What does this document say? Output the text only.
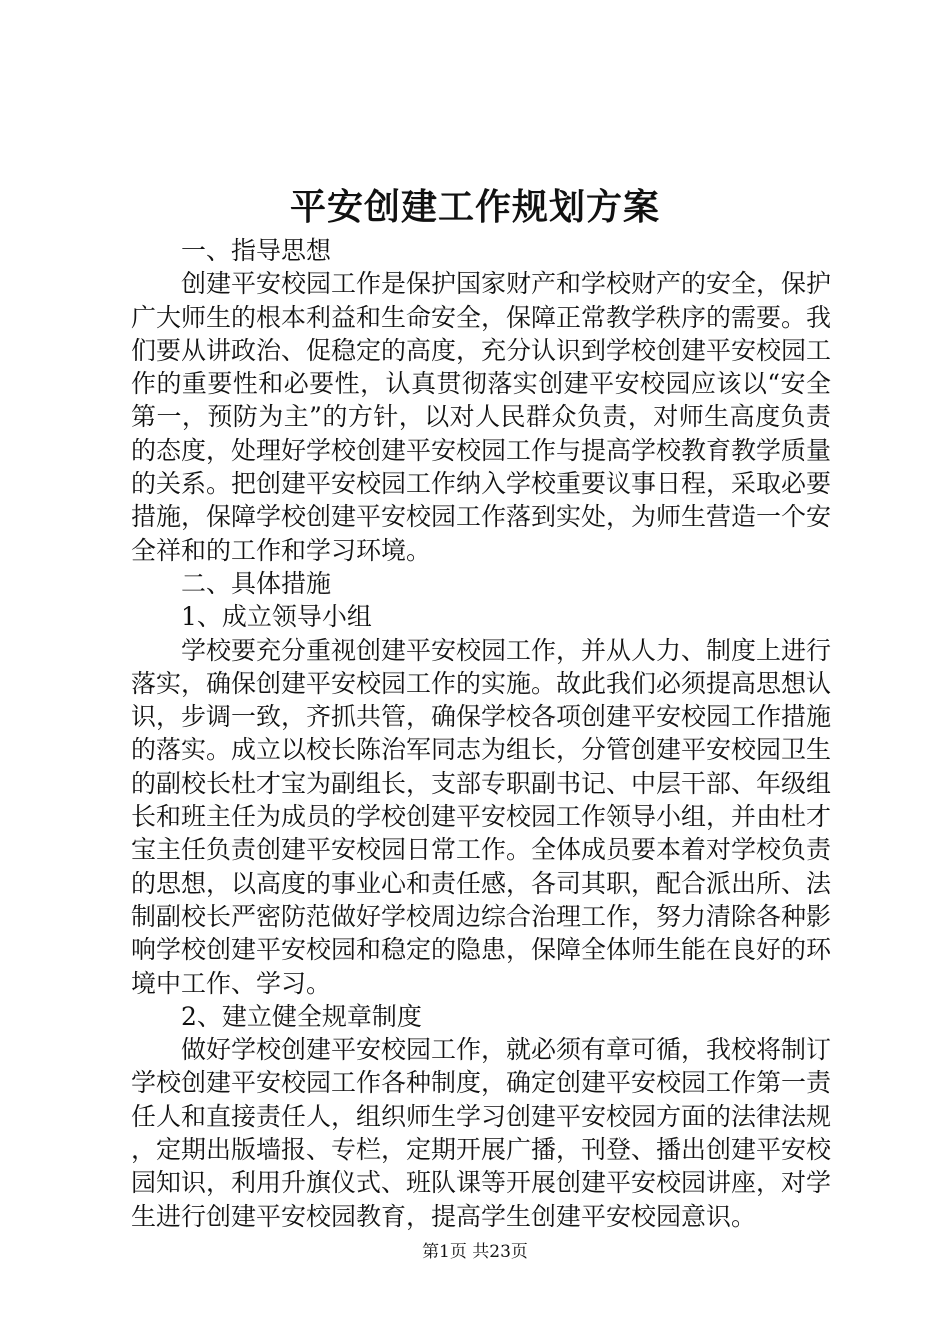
平安创建工作规划方案

一、指导思想

创建平安校园工作是保护国家财产和学校财产的安全，保护广大师生的根本利益和生命安全，保障正常教学秩序的需要。我们要从讲政治、促稳定的高度，充分认识到学校创建平安校园工作的重要性和必要性，认真贯彻落实创建平安校园应该以“安全第一，预防为主”的方针，以对人民群众负责，对师生高度负责的态度，处理好学校创建平安校园工作与提高学校教育教学质量的关系。把创建平安校园工作纳入学校重要议事日程，采取必要措施，保障学校创建平安校园工作落到实处，为师生营造一个安全祥和的工作和学习环境。

二、具体措施

1、成立领导小组

学校要充分重视创建平安校园工作，并从人力、制度上进行落实，确保创建平安校园工作的实施。故此我们必须提高思想认识，步调一致，齐抓共管，确保学校各项创建平安校园工作措施的落实。成立以校长陈治军同志为组长，分管创建平安校园卫生的副校长杜才宝为副组长，支部专职副书记、中层干部、年级组长和班主任为成员的学校创建平安校园工作领导小组，并由杜才宝主任负责创建平安校园日常工作。全体成员要本着对学校负责的思想，以高度的事业心和责任感，各司其职，配合派出所、法制副校长严密防范做好学校周边综合治理工作，努力清除各种影响学校创建平安校园和稳定的隐患，保障全体师生能在良好的环境中工作、学习。

2、建立健全规章制度

做好学校创建平安校园工作，就必须有章可循，我校将制订学校创建平安校园工作各种制度，确定创建平安校园工作第一责任人和直接责任人，组织师生学习创建平安校园方面的法律法规，定期出版墙报、专栏，定期开展广播，刊登、播出创建平安校园知识，利用升旗仪式、班队课等开展创建平安校园讲座，对学生进行创建平安校园教育，提高学生创建平安校园意识。

第1页 共23页
